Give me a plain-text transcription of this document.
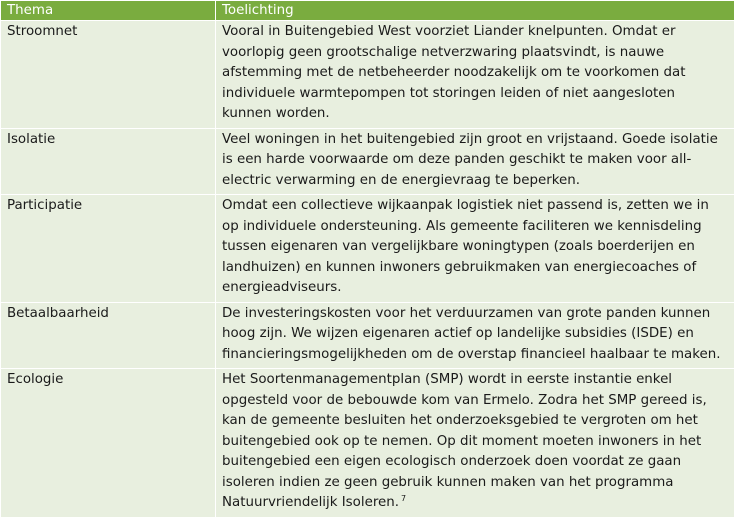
Thema	Toelichting
Stroomnet	Vooral in Buitengebied West voorziet Liander knelpunten. Omdat er voorlopig geen grootschalige netverzwaring plaatsvindt, is nauwe afstemming met de netbeheerder noodzakelijk om te voorkomen dat individuele warmtepompen tot storingen leiden of niet aangesloten kunnen worden.
Isolatie	Veel woningen in het buitengebied zijn groot en vrijstaand. Goede isolatie is een harde voorwaarde om deze panden geschikt te maken voor all-electric verwarming en de energievraag te beperken.
Participatie	Omdat een collectieve wijkaanpak logistiek niet passend is, zetten we in op individuele ondersteuning. Als gemeente faciliteren we kennisdeling tussen eigenaren van vergelijkbare woningtypen (zoals boerderijen en landhuizen) en kunnen inwoners gebruikmaken van energiecoaches of energieadviseurs.
Betaalbaarheid	De investeringskosten voor het verduurzamen van grote panden kunnen hoog zijn. We wijzen eigenaren actief op landelijke subsidies (ISDE) en financieringsmogelijkheden om de overstap financieel haalbaar te maken.
Ecologie	Het Soortenmanagementplan (SMP) wordt in eerste instantie enkel opgesteld voor de bebouwde kom van Ermelo. Zodra het SMP gereed is, kan de gemeente besluiten het onderzoeksgebied te vergroten om het buitengebied ook op te nemen. Op dit moment moeten inwoners in het buitengebied een eigen ecologisch onderzoek doen voordat ze gaan isoleren indien ze geen gebruik kunnen maken van het programma Natuurvriendelijk Isoleren. $^7$
